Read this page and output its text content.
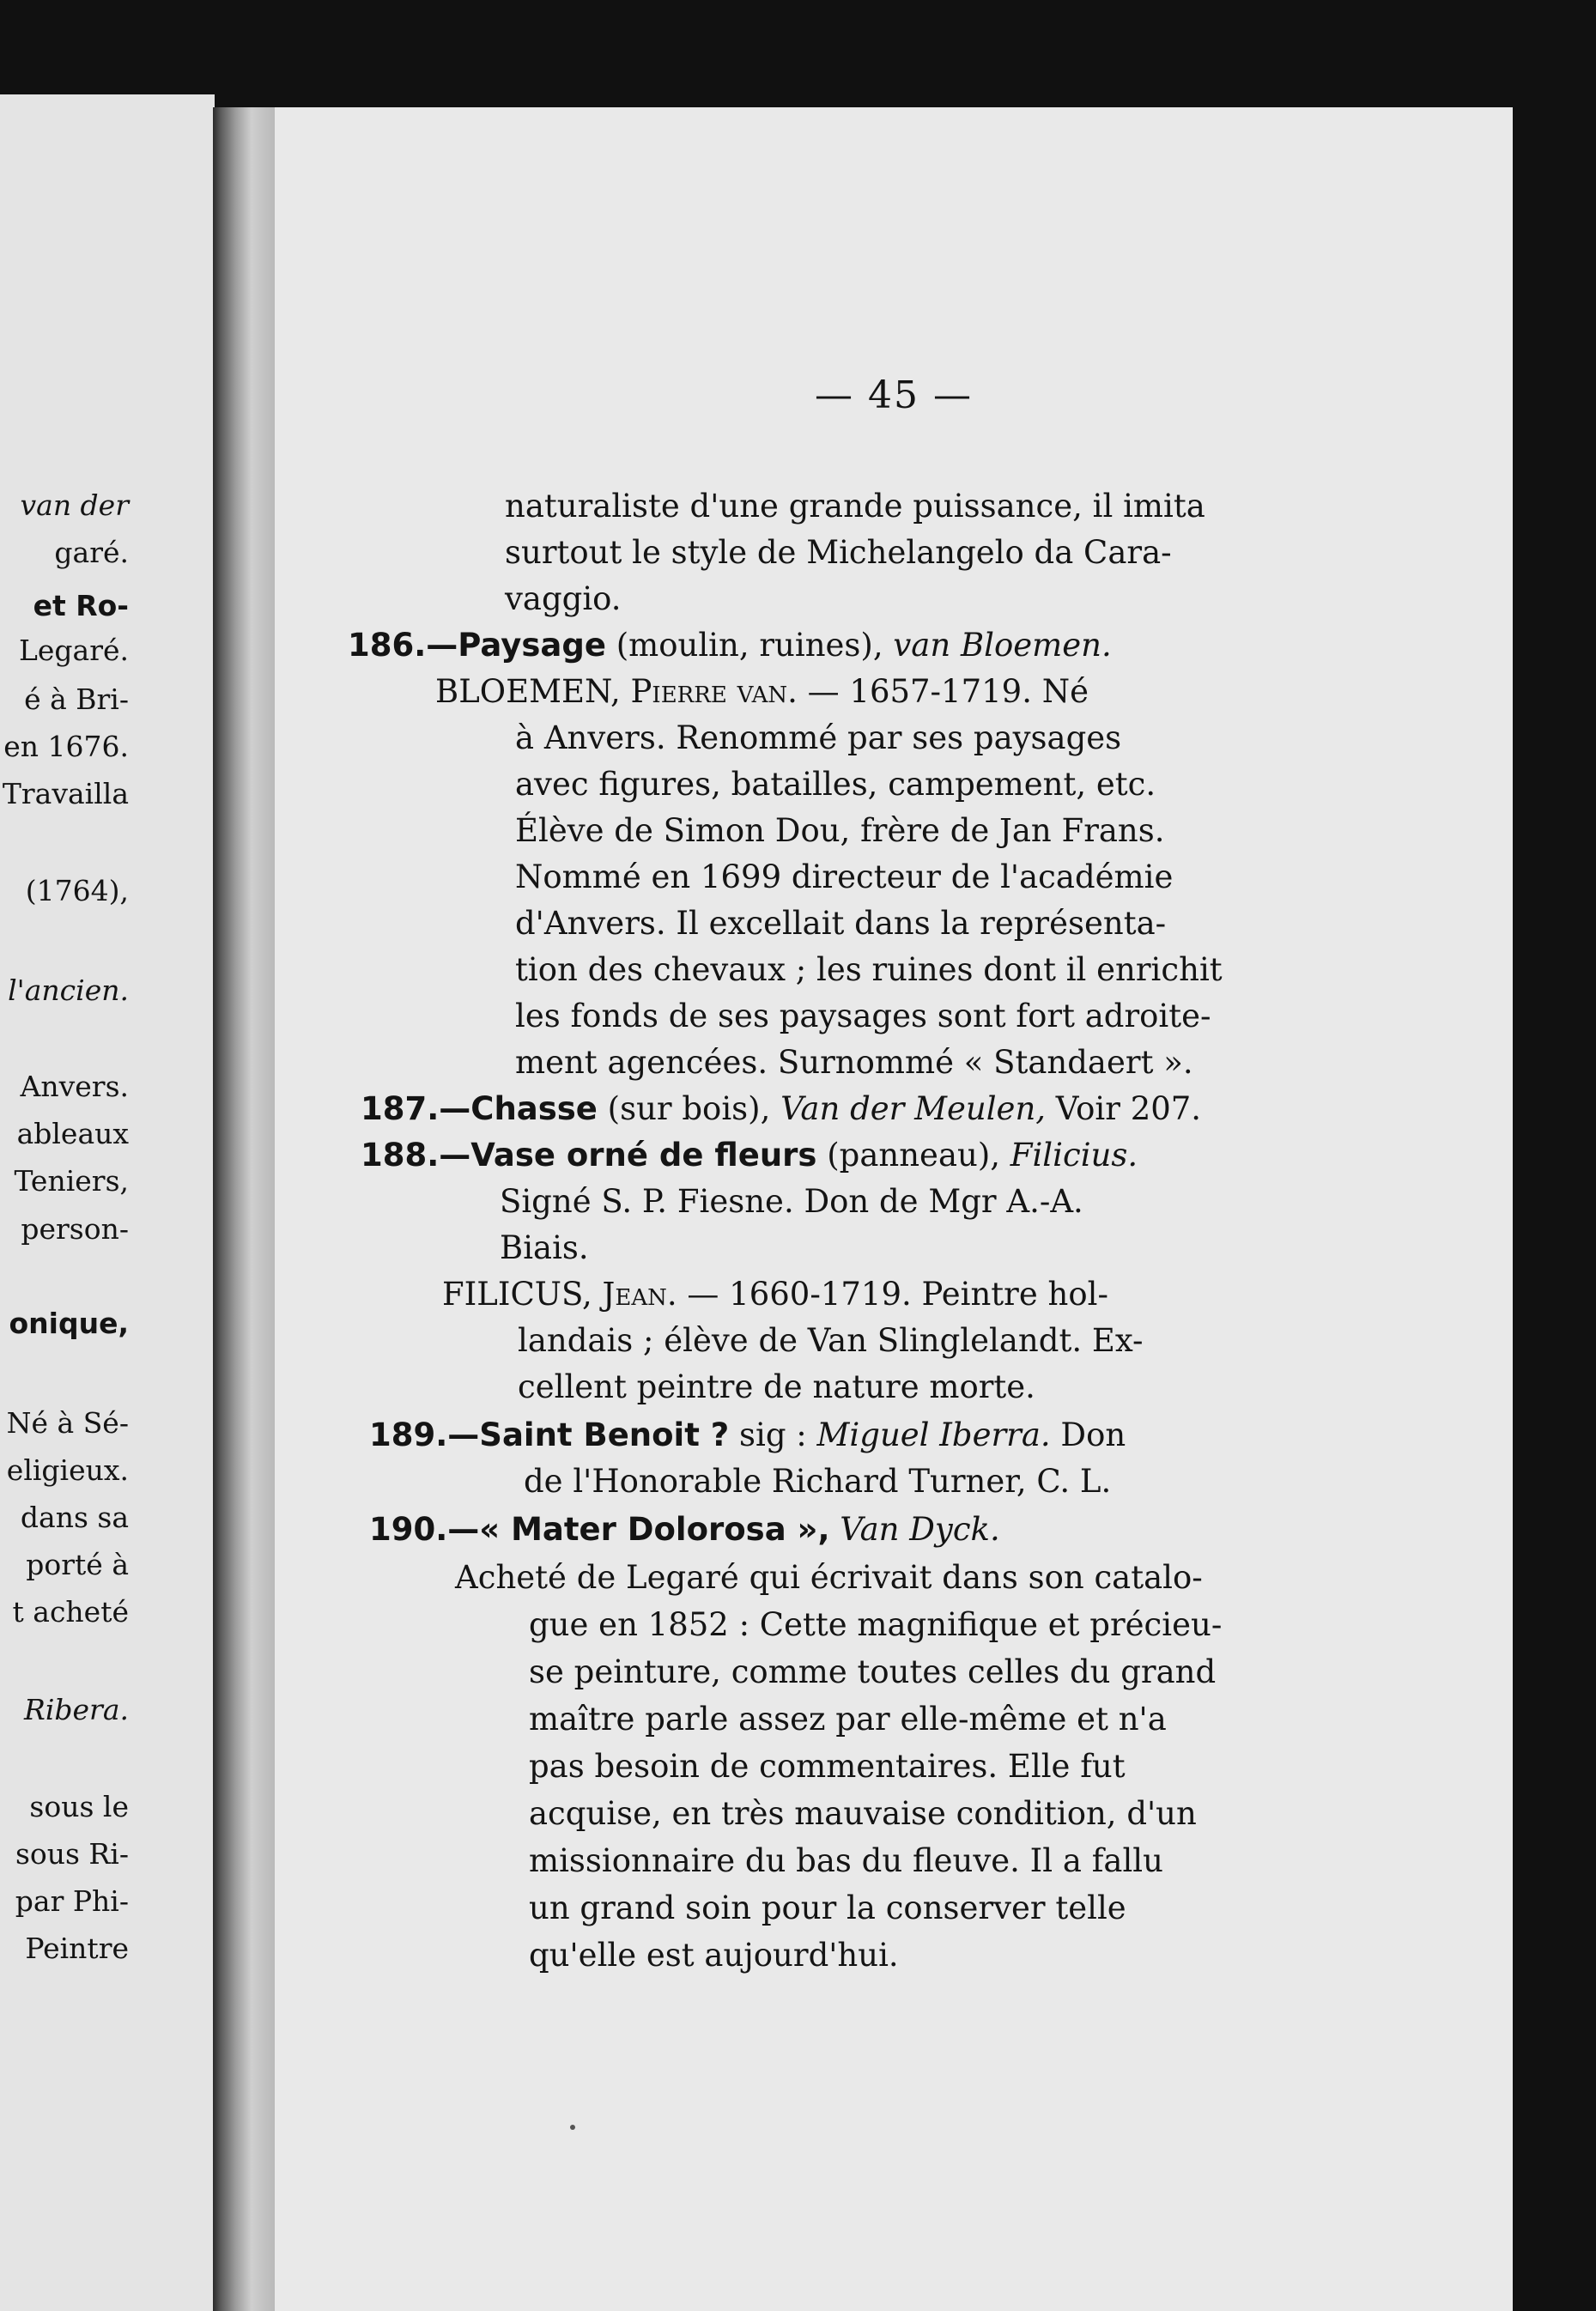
van der
garé.
et Ro-
Legaré.
é à Bri-
en 1676.
Travailla
(1764),
l'ancien.
Anvers.
ableaux
Teniers,
person-
onique,
Né à Sé-
eligieux.
dans sa
porté à
t acheté
Ribera.
sous le
sous Ri-
par Phi-
Peintre
— 45 —
naturaliste d'une grande puissance, il imita
surtout le style de Michelangelo da Cara-
vaggio.
186.—Paysage (moulin, ruines), van Bloemen.
BLOEMEN, Pierre van. — 1657-1719. Né
à Anvers. Renommé par ses paysages
avec figures, batailles, campement, etc.
Élève de Simon Dou, frère de Jan Frans.
Nommé en 1699 directeur de l'académie
d'Anvers. Il excellait dans la représenta-
tion des chevaux ; les ruines dont il enrichit
les fonds de ses paysages sont fort adroite-
ment agencées. Surnommé « Standaert ».
187.—Chasse (sur bois), Van der Meulen, Voir 207.
188.—Vase orné de fleurs (panneau), Filicius.
Signé S. P. Fiesne. Don de Mgr A.-A.
Biais.
FILICUS, Jean. — 1660-1719. Peintre hol-
landais ; élève de Van Slinglelandt. Ex-
cellent peintre de nature morte.
189.—Saint Benoit ? sig : Miguel Iberra. Don
de l'Honorable Richard Turner, C. L.
190.—« Mater Dolorosa », Van Dyck.
Acheté de Legaré qui écrivait dans son catalo-
gue en 1852 : Cette magnifique et précieu-
se peinture, comme toutes celles du grand
maître parle assez par elle-même et n'a
pas besoin de commentaires. Elle fut
acquise, en très mauvaise condition, d'un
missionnaire du bas du fleuve. Il a fallu
un grand soin pour la conserver telle
qu'elle est aujourd'hui.
